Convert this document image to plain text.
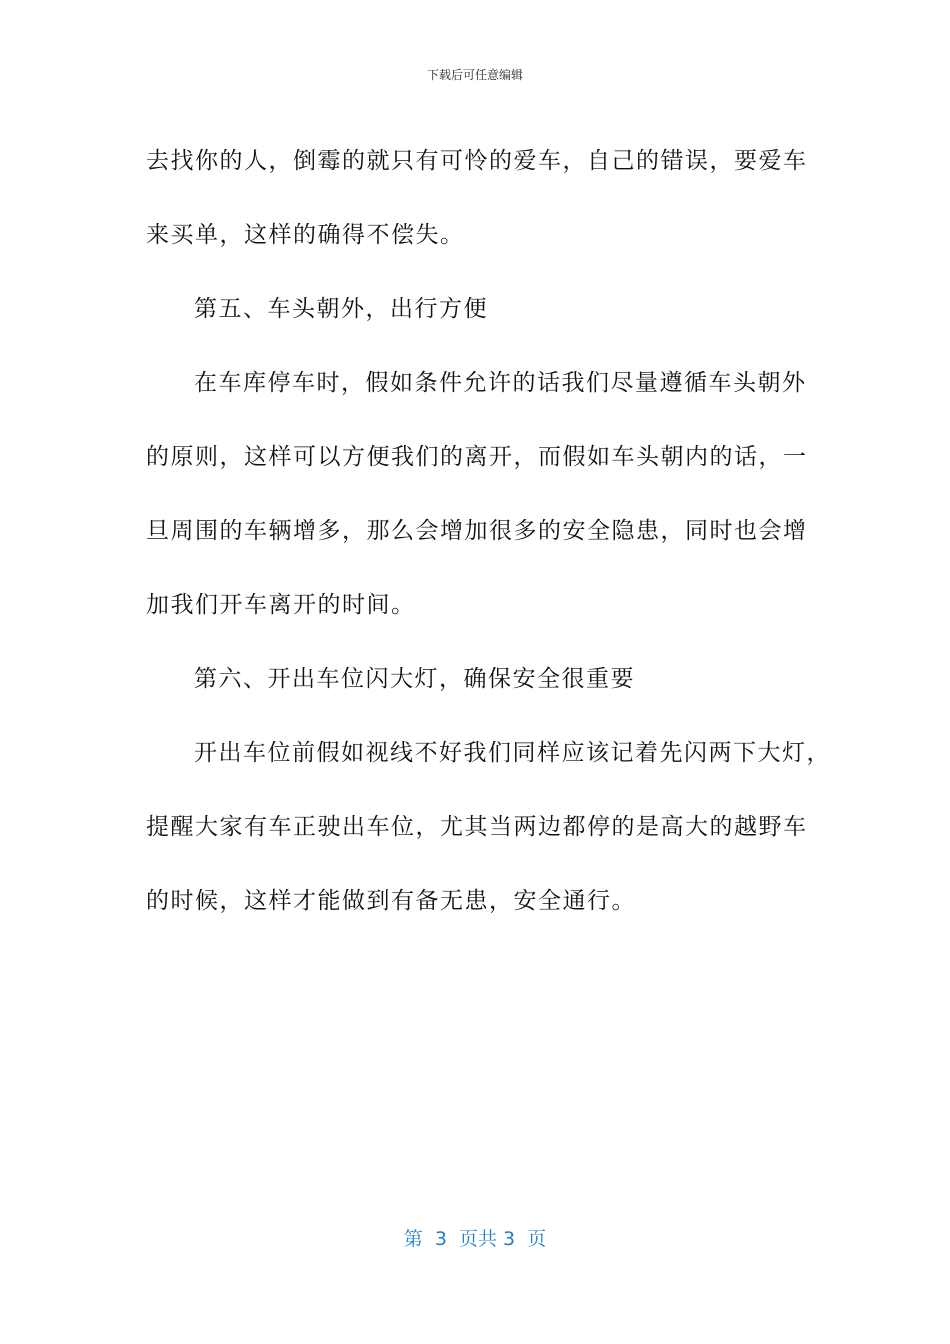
下载后可任意编辑
去找你的人，倒霉的就只有可怜的爱车，自己的错误，要爱车
来买单，这样的确得不偿失。
第五、车头朝外，出行方便
在车库停车时，假如条件允许的话我们尽量遵循车头朝外
的原则，这样可以方便我们的离开，而假如车头朝内的话，一
旦周围的车辆增多，那么会增加很多的安全隐患，同时也会增
加我们开车离开的时间。
第六、开出车位闪大灯，确保安全很重要
开出车位前假如视线不好我们同样应该记着先闪两下大灯，
提醒大家有车正驶出车位，尤其当两边都停的是高大的越野车
的时候，这样才能做到有备无患，安全通行。
第  3  页共 3  页
